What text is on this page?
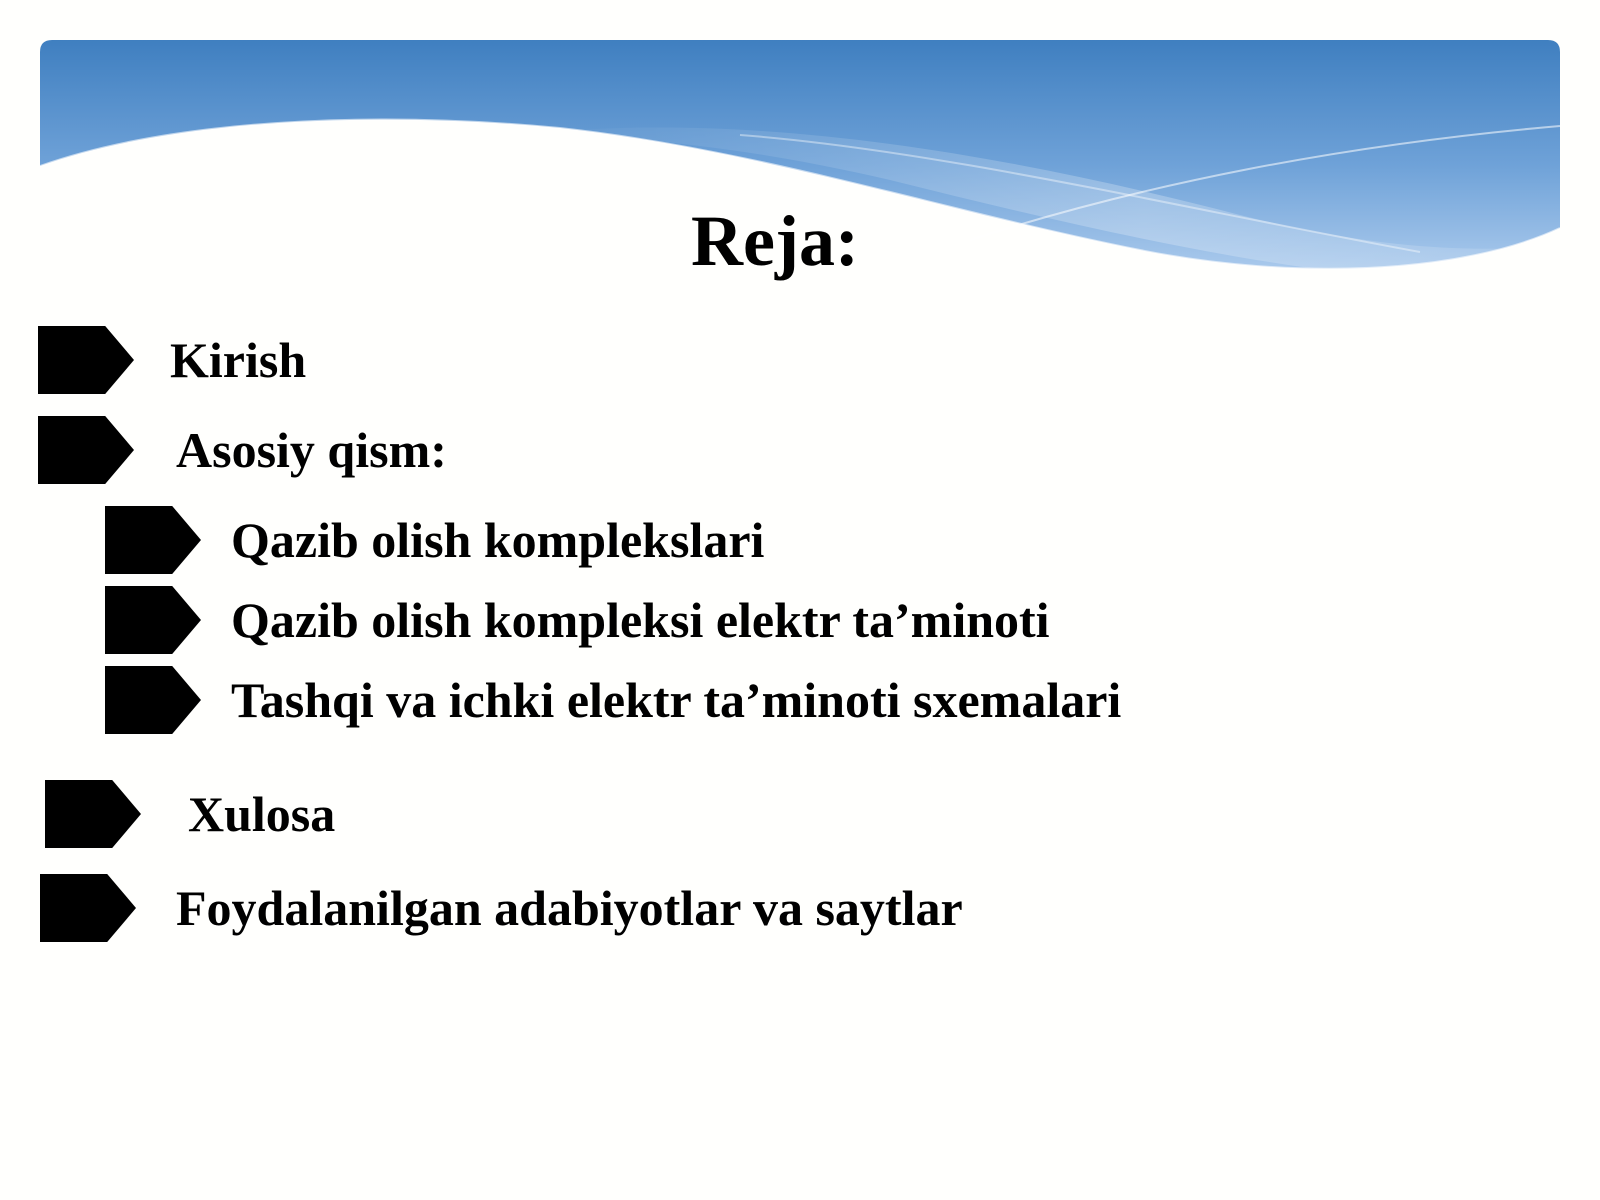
Reja:
Kirish
Asosiy qism:
Qazib olish komplekslari
Qazib olish kompleksi elektr ta’minoti
Tashqi va ichki elektr ta’minoti sxemalari
Xulosa
Foydalanilgan adabiyotlar va saytlar
